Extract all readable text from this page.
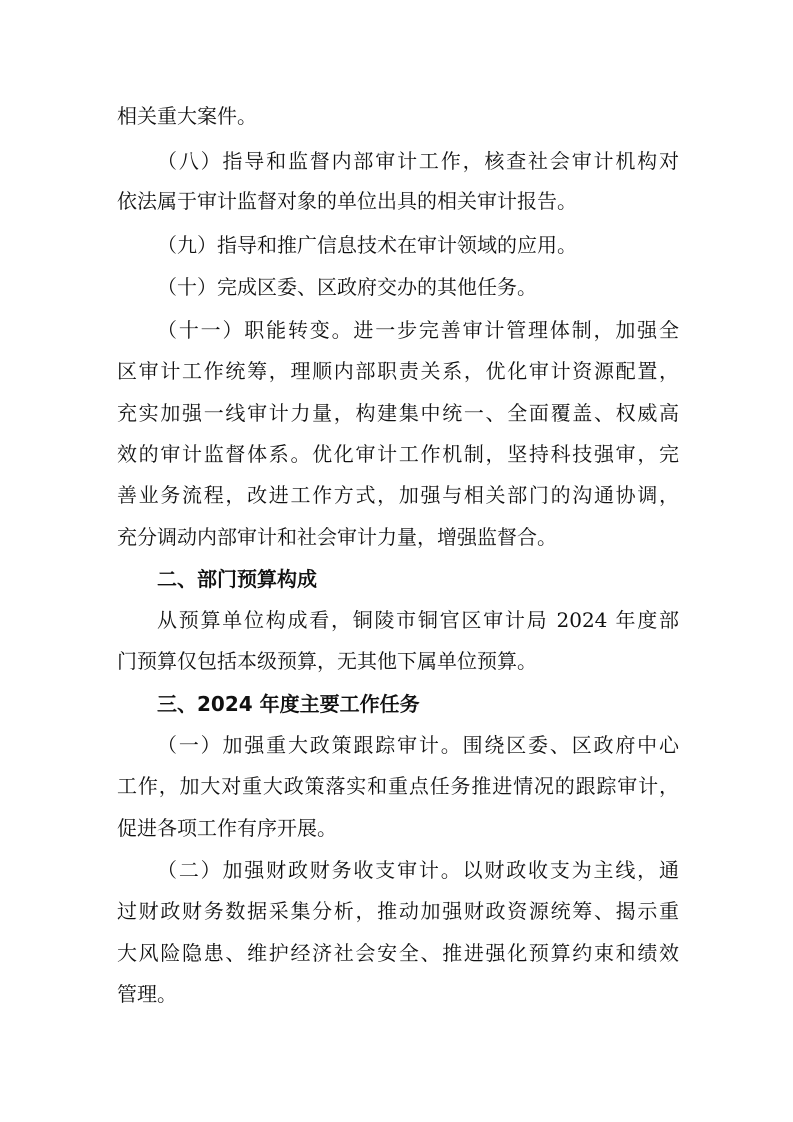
相关重大案件。
（八）指导和监督内部审计工作，核查社会审计机构对
依法属于审计监督对象的单位出具的相关审计报告。
（九）指导和推广信息技术在审计领域的应用。
（十）完成区委、区政府交办的其他任务。
（十一）职能转变。进一步完善审计管理体制，加强全
区审计工作统筹，理顺内部职责关系，优化审计资源配置，
充实加强一线审计力量，构建集中统一、全面覆盖、权威高
效的审计监督体系。优化审计工作机制，坚持科技强审，完
善业务流程，改进工作方式，加强与相关部门的沟通协调，
充分调动内部审计和社会审计力量，增强监督合。
二、部门预算构成
从预算单位构成看，铜陵市铜官区审计局 2024 年度部
门预算仅包括本级预算，无其他下属单位预算。
三、2024 年度主要工作任务
（一）加强重大政策跟踪审计。围绕区委、区政府中心
工作，加大对重大政策落实和重点任务推进情况的跟踪审计，
促进各项工作有序开展。
（二）加强财政财务收支审计。以财政收支为主线，通
过财政财务数据采集分析，推动加强财政资源统筹、揭示重
大风险隐患、维护经济社会安全、推进强化预算约束和绩效
管理。
